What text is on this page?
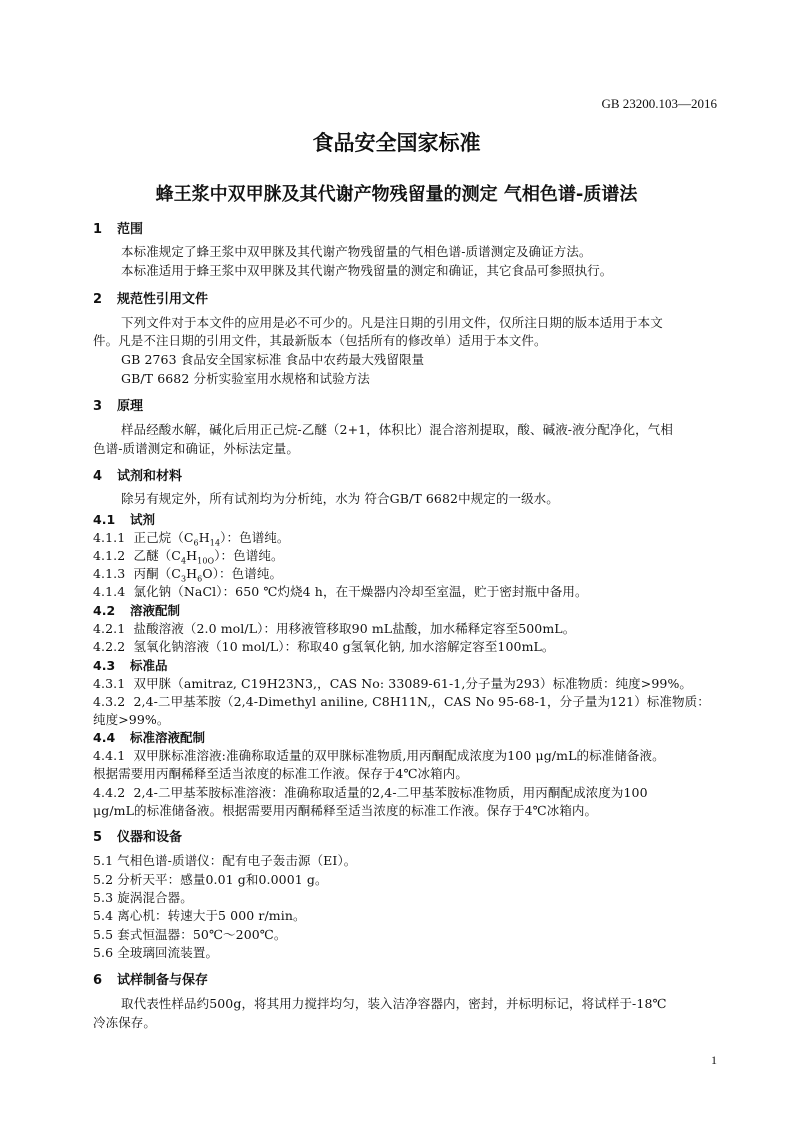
GB 23200.103—2016
食品安全国家标准
蜂王浆中双甲脒及其代谢产物残留量的测定 气相色谱-质谱法
1 范围
本标准规定了蜂王浆中双甲脒及其代谢产物残留量的气相色谱-质谱测定及确证方法。
本标准适用于蜂王浆中双甲脒及其代谢产物残留量的测定和确证，其它食品可参照执行。
2 规范性引用文件
下列文件对于本文件的应用是必不可少的。凡是注日期的引用文件，仅所注日期的版本适用于本文
件。凡是不注日期的引用文件，其最新版本（包括所有的修改单）适用于本文件。
GB 2763 食品安全国家标准 食品中农药最大残留限量
GB/T 6682 分析实验室用水规格和试验方法
3 原理
样品经酸水解，碱化后用正己烷-乙醚（2+1，体积比）混合溶剂提取，酸、碱液-液分配净化，气相
色谱-质谱测定和确证，外标法定量。
4 试剂和材料
除另有规定外，所有试剂均为分析纯，水为 符合GB/T 6682中规定的一级水。
4.1 试剂
4.1.1 正己烷$(C_6H_{14})$：色谱纯。
4.1.2 乙醚$(C_4H_{10O})$：色谱纯。
4.1.3 丙酮$(C_3H_6O)$：色谱纯。
4.1.4 氯化钠（NaCl）：650 ℃灼烧4 h，在干燥器内冷却至室温，贮于密封瓶中备用。
4.2 溶液配制
4.2.1 盐酸溶液（2.0 mol/L）：用移液管移取90 mL盐酸，加水稀释定容至500mL。
4.2.2 氢氧化钠溶液（10 mol/L）：称取40 g氢氧化钠, 加水溶解定容至100mL。
4.3 标准品
4.3.1 双甲脒（amitraz, C19H23N3,，CAS No: 33089-61-1,分子量为293）标准物质：纯度>99%。
4.3.2 2,4-二甲基苯胺（2,4-Dimethyl aniline, C8H11N,，CAS No 95-68-1，分子量为121）标准物质：
纯度>99%。
4.4 标准溶液配制
4.4.1 双甲脒标准溶液:准确称取适量的双甲脒标准物质,用丙酮配成浓度为100 μg/mL的标准储备液。
根据需要用丙酮稀释至适当浓度的标准工作液。保存于4℃冰箱内。
4.4.2 2,4-二甲基苯胺标准溶液：准确称取适量的2,4-二甲基苯胺标准物质，用丙酮配成浓度为100
μg/mL的标准储备液。根据需要用丙酮稀释至适当浓度的标准工作液。保存于4℃冰箱内。
5 仪器和设备
5.1 气相色谱-质谱仪：配有电子轰击源（EI）。
5.2 分析天平：感量0.01 g和0.0001 g。
5.3 旋涡混合器。
5.4 离心机：转速大于5 000 r/min。
5.5 套式恒温器：50℃～200℃。
5.6 全玻璃回流装置。
6 试样制备与保存
取代表性样品约500g，将其用力搅拌均匀，装入洁净容器内，密封，并标明标记，将试样于-18℃
冷冻保存。
1
